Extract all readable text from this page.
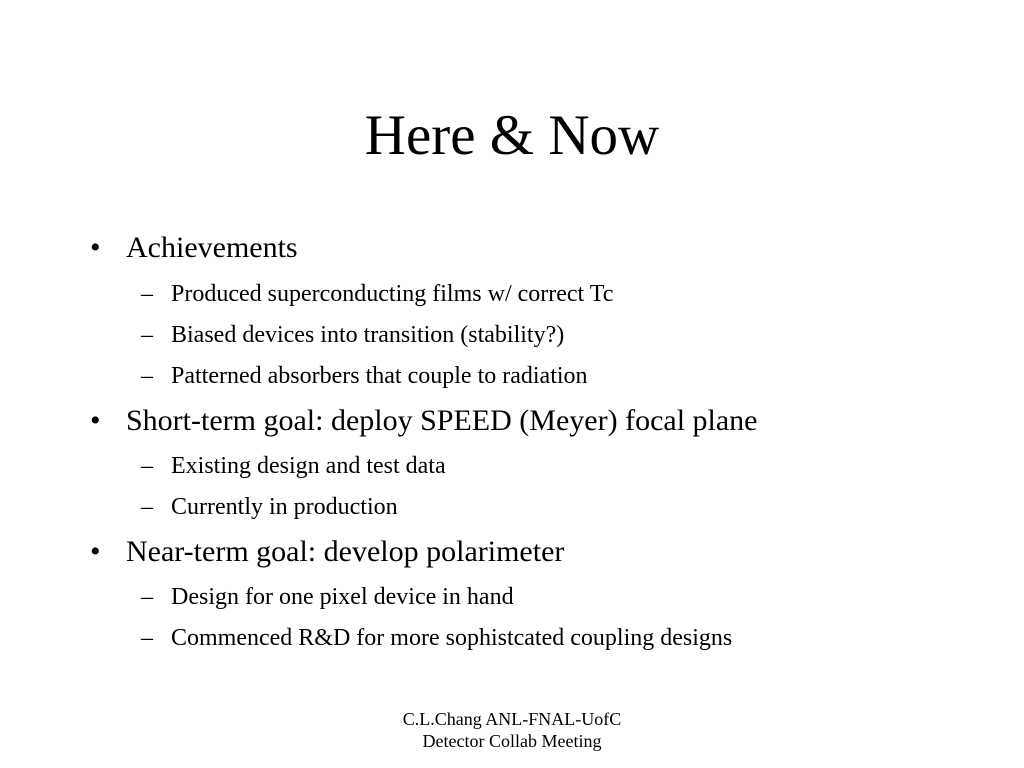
Here & Now
• Achievements
– Produced superconducting films w/ correct Tc
– Biased devices into transition (stability?)
– Patterned absorbers that couple to radiation
• Short-term goal: deploy SPEED (Meyer) focal plane
– Existing design and test data
– Currently in production
• Near-term goal: develop polarimeter
– Design for one pixel device in hand
– Commenced R&D for more sophistcated coupling designs
C.L.Chang ANL-FNAL-UofC
Detector Collab Meeting
